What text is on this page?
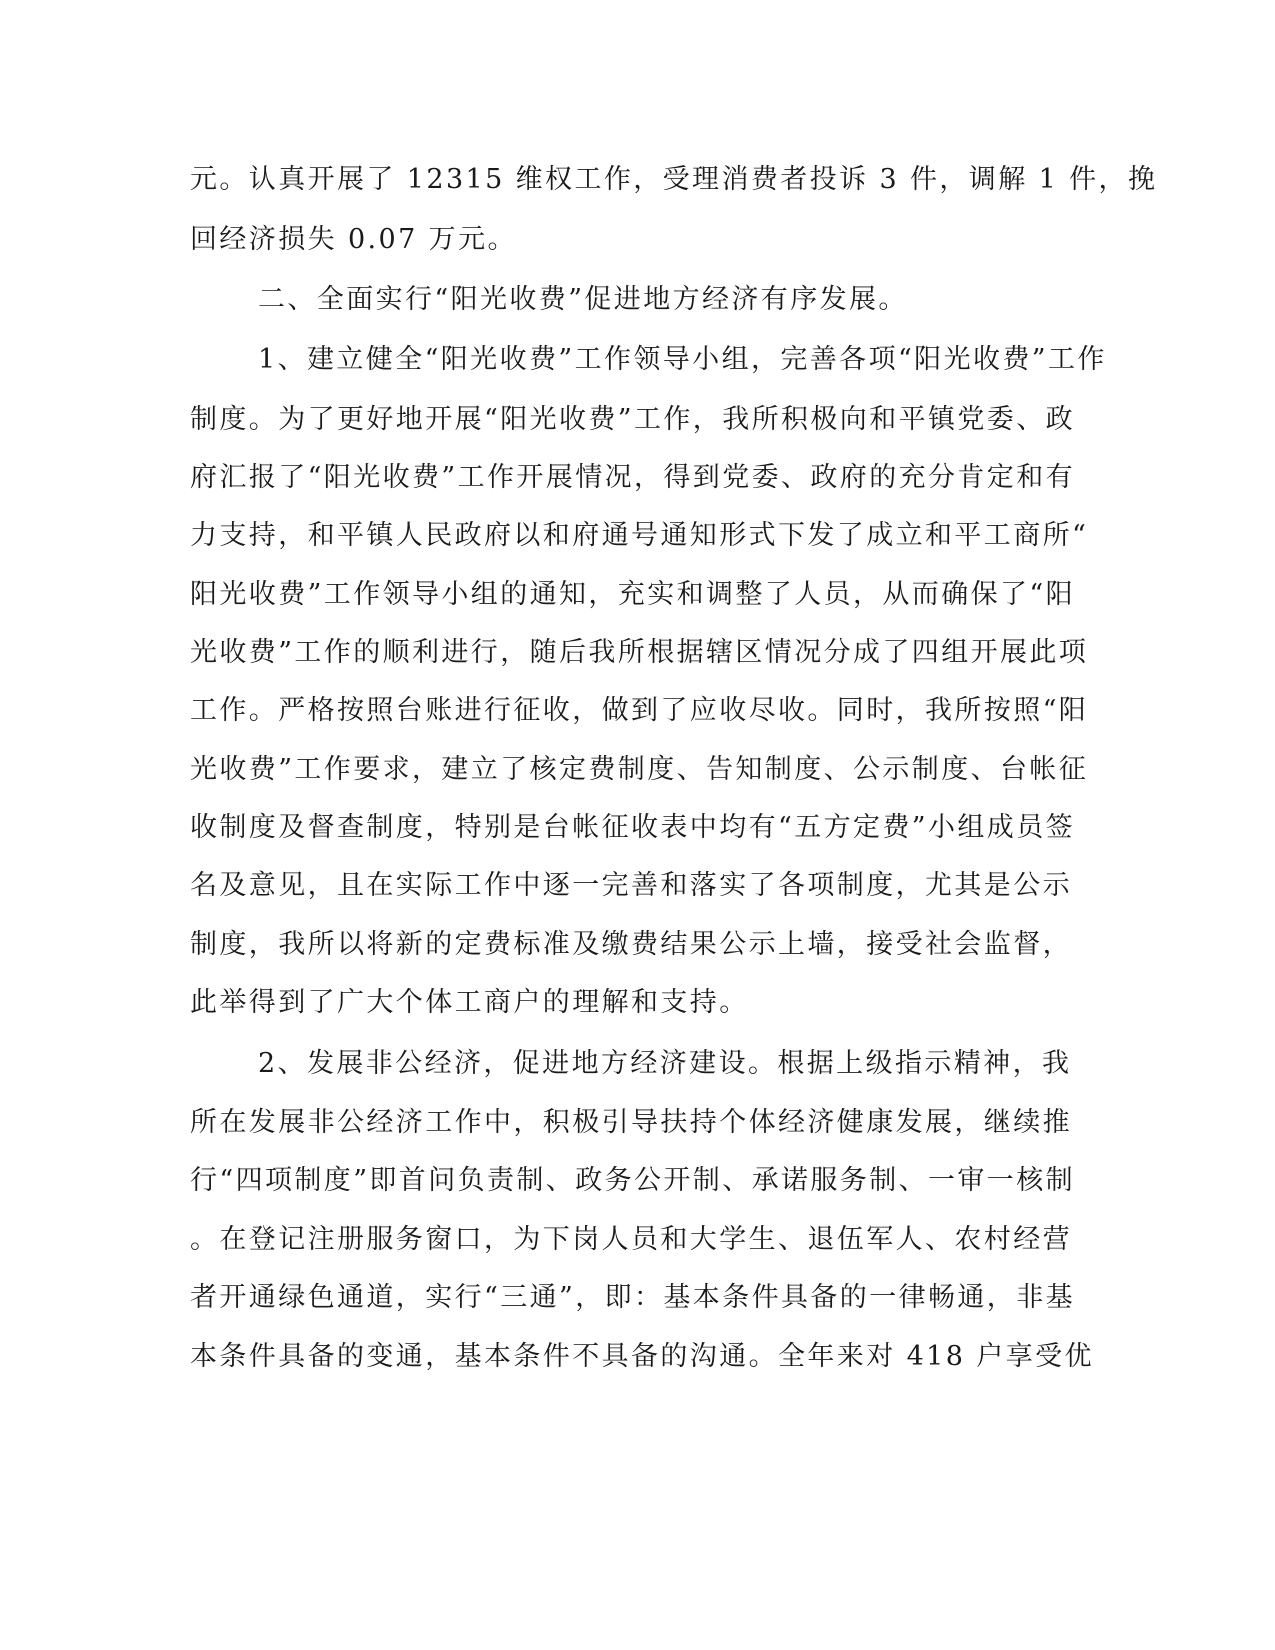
元。认真开展了 12315 维权工作，受理消费者投诉 3 件，调解 1 件，挽
回经济损失 0.07 万元。
二、全面实行“阳光收费”促进地方经济有序发展。
1、建立健全“阳光收费”工作领导小组，完善各项“阳光收费”工作
制度。为了更好地开展“阳光收费”工作，我所积极向和平镇党委、政
府汇报了“阳光收费”工作开展情况，得到党委、政府的充分肯定和有
力支持，和平镇人民政府以和府通号通知形式下发了成立和平工商所“
阳光收费”工作领导小组的通知，充实和调整了人员，从而确保了“阳
光收费”工作的顺利进行，随后我所根据辖区情况分成了四组开展此项
工作。严格按照台账进行征收，做到了应收尽收。同时，我所按照“阳
光收费”工作要求，建立了核定费制度、告知制度、公示制度、台帐征
收制度及督查制度，特别是台帐征收表中均有“五方定费”小组成员签
名及意见，且在实际工作中逐一完善和落实了各项制度，尤其是公示
制度，我所以将新的定费标准及缴费结果公示上墙，接受社会监督，
此举得到了广大个体工商户的理解和支持。
2、发展非公经济，促进地方经济建设。根据上级指示精神，我
所在发展非公经济工作中，积极引导扶持个体经济健康发展，继续推
行“四项制度”即首问负责制、政务公开制、承诺服务制、一审一核制
。在登记注册服务窗口，为下岗人员和大学生、退伍军人、农村经营
者开通绿色通道，实行“三通”，即：基本条件具备的一律畅通，非基
本条件具备的变通，基本条件不具备的沟通。全年来对 418 户享受优
